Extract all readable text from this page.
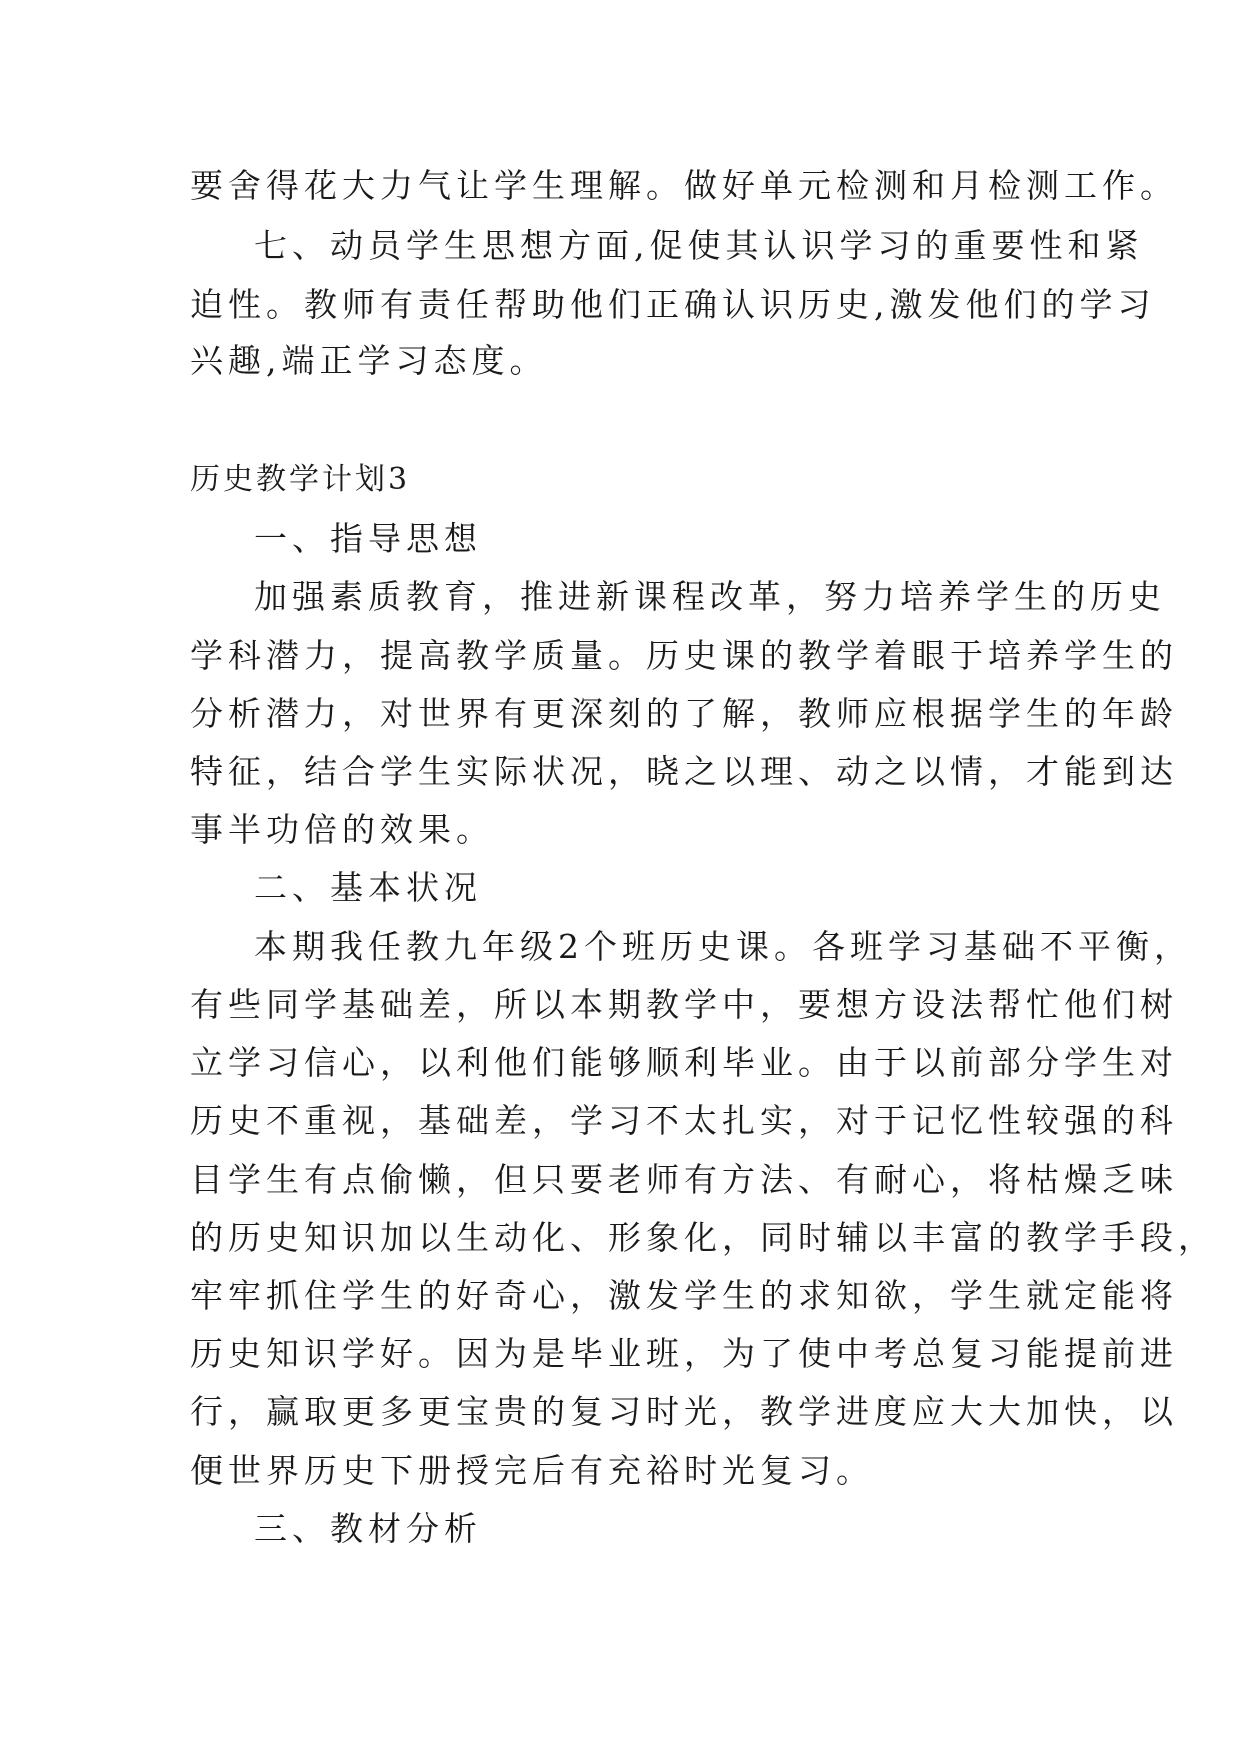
要舍得花大力气让学生理解。做好单元检测和月检测工作。
七、动员学生思想方面,促使其认识学习的重要性和紧
迫性。教师有责任帮助他们正确认识历史,激发他们的学习
兴趣,端正学习态度。
历史教学计划3
一、指导思想
加强素质教育，推进新课程改革，努力培养学生的历史
学科潜力，提高教学质量。历史课的教学着眼于培养学生的
分析潜力，对世界有更深刻的了解，教师应根据学生的年龄
特征，结合学生实际状况，晓之以理、动之以情，才能到达
事半功倍的效果。
二、基本状况
本期我任教九年级2个班历史课。各班学习基础不平衡，
有些同学基础差，所以本期教学中，要想方设法帮忙他们树
立学习信心，以利他们能够顺利毕业。由于以前部分学生对
历史不重视，基础差，学习不太扎实，对于记忆性较强的科
目学生有点偷懒，但只要老师有方法、有耐心，将枯燥乏味
的历史知识加以生动化、形象化，同时辅以丰富的教学手段，
牢牢抓住学生的好奇心，激发学生的求知欲，学生就定能将
历史知识学好。因为是毕业班，为了使中考总复习能提前进
行，赢取更多更宝贵的复习时光，教学进度应大大加快，以
便世界历史下册授完后有充裕时光复习。
三、教材分析
